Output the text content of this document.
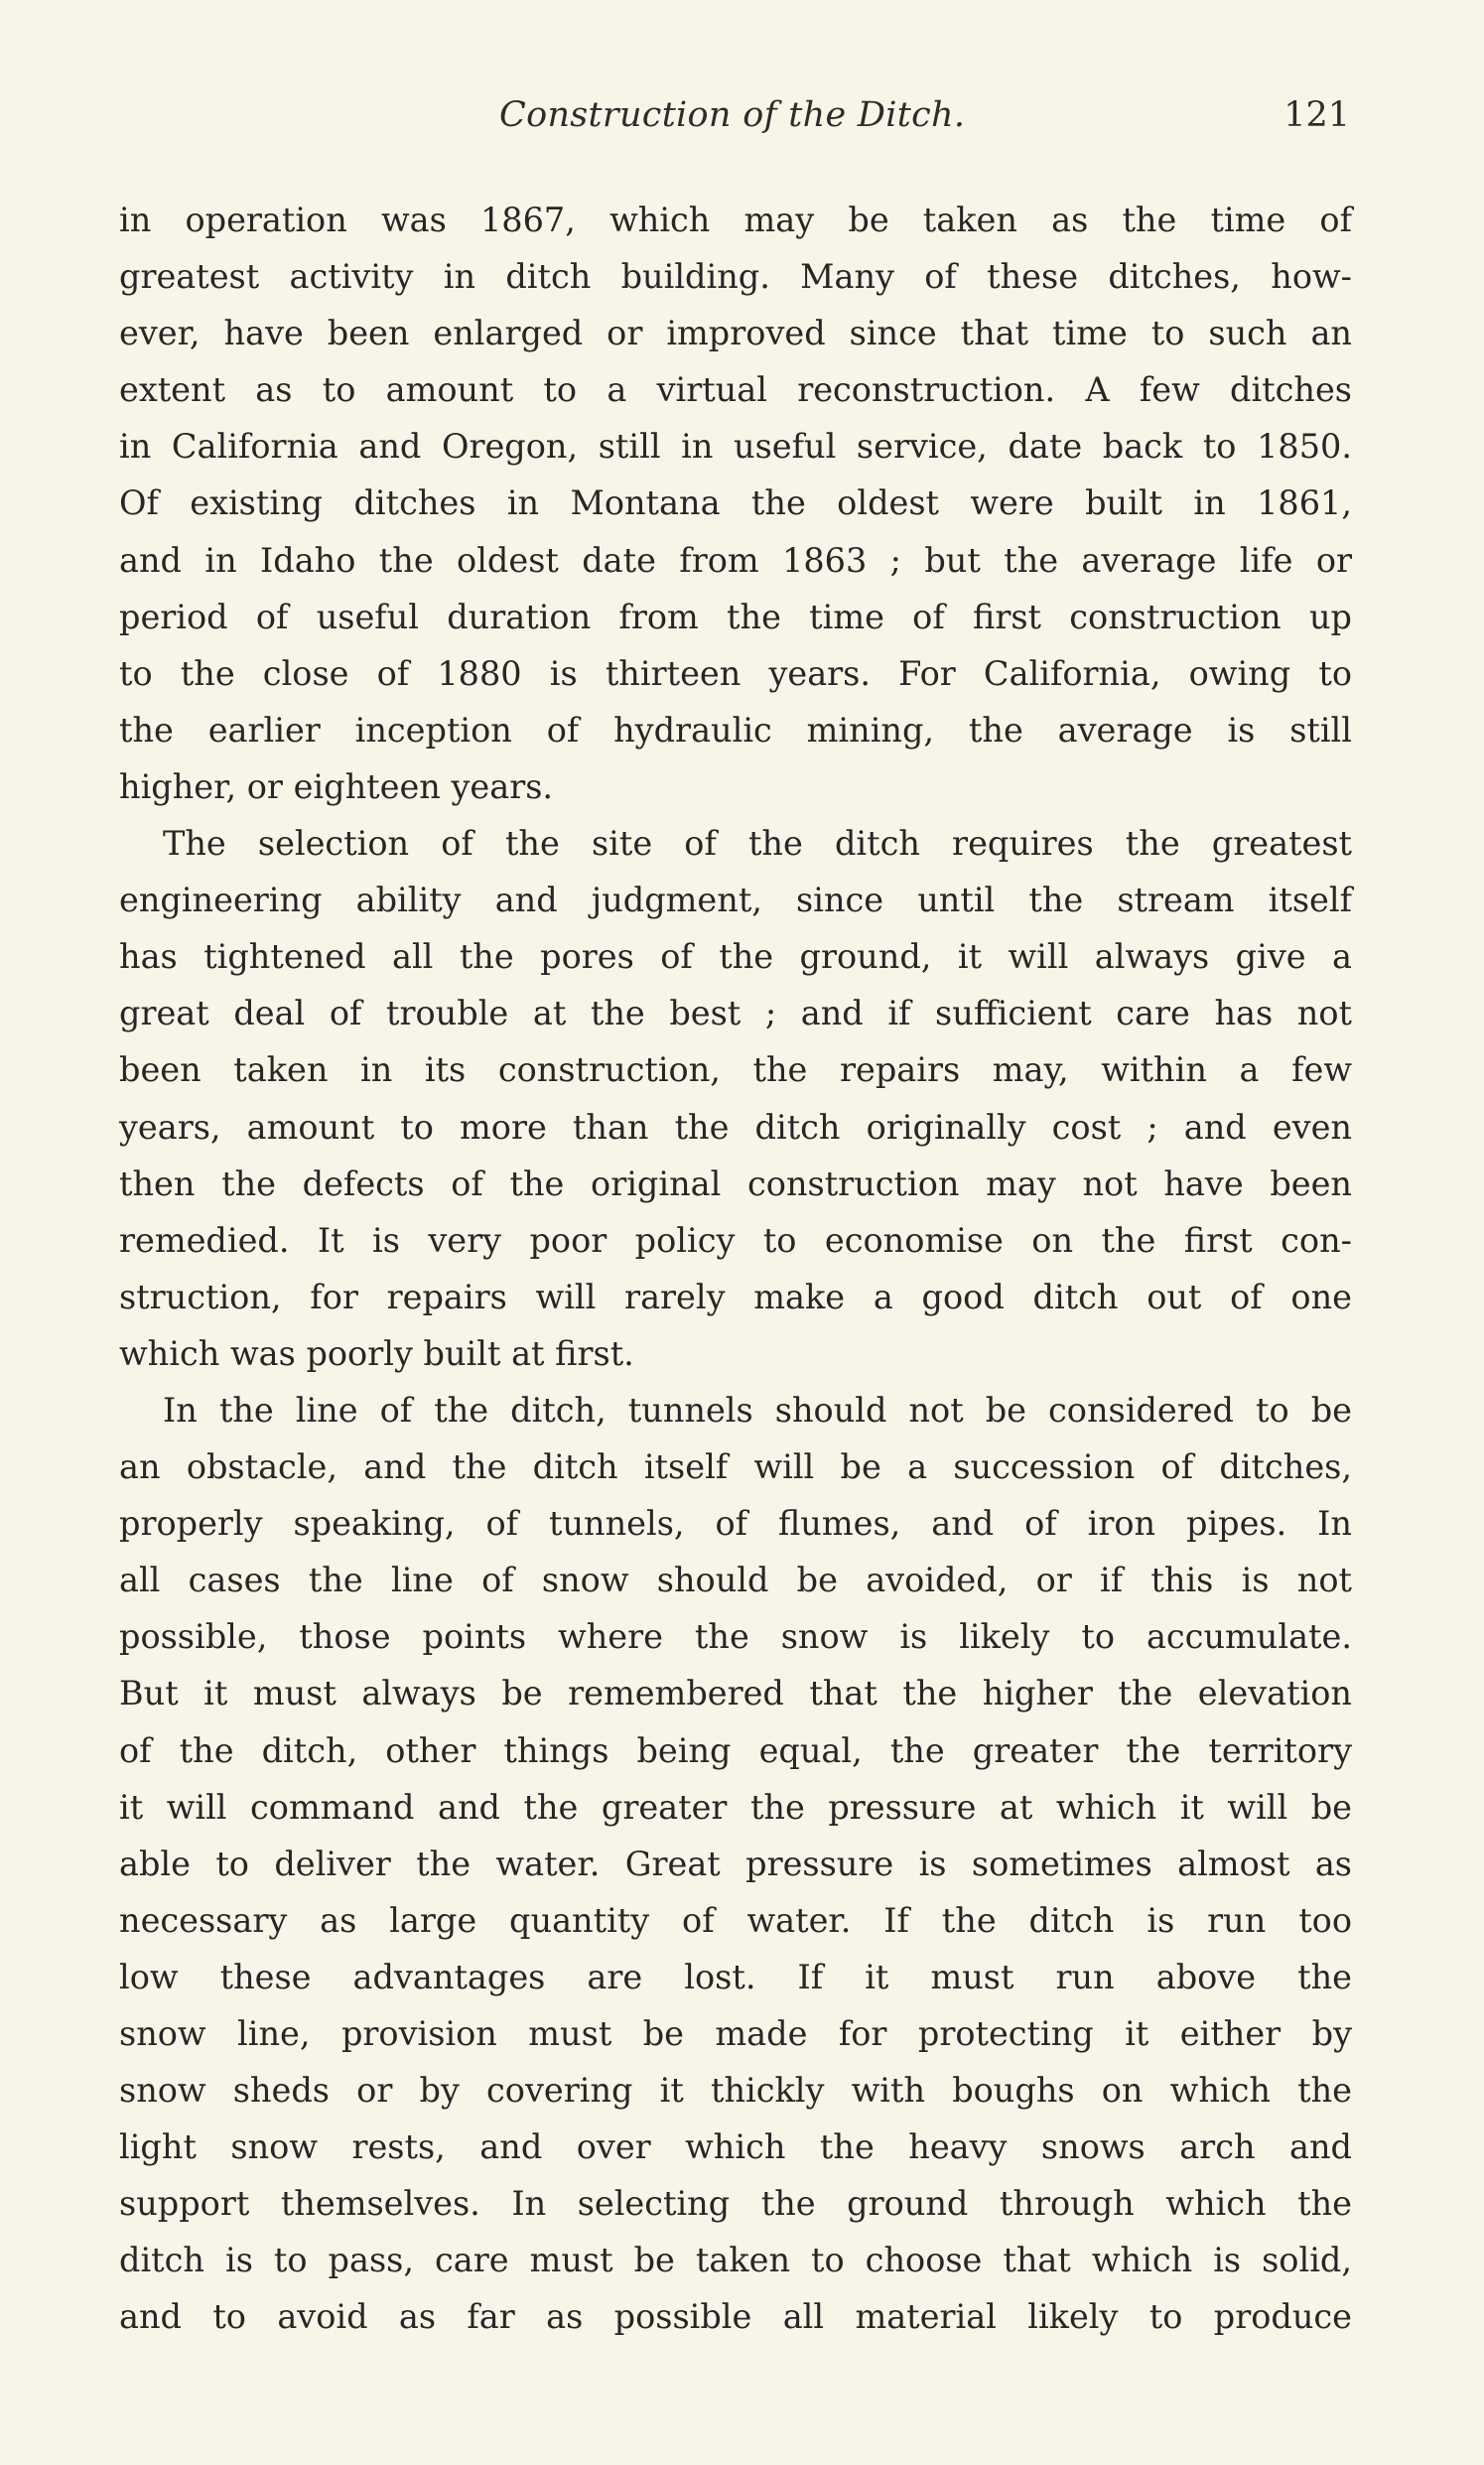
Construction of the Ditch.	121
in operation was 1867, which may be taken as the time of
greatest activity in ditch building. Many of these ditches, how-
ever, have been enlarged or improved since that time to such an
extent as to amount to a virtual reconstruction. A few ditches
in California and Oregon, still in useful service, date back to 1850.
Of existing ditches in Montana the oldest were built in 1861,
and in Idaho the oldest date from 1863 ; but the average life or
period of useful duration from the time of first construction up
to the close of 1880 is thirteen years. For California, owing to
the earlier inception of hydraulic mining, the average is still
higher, or eighteen years.
The selection of the site of the ditch requires the greatest
engineering ability and judgment, since until the stream itself
has tightened all the pores of the ground, it will always give a
great deal of trouble at the best ; and if sufficient care has not
been taken in its construction, the repairs may, within a few
years, amount to more than the ditch originally cost ; and even
then the defects of the original construction may not have been
remedied. It is very poor policy to economise on the first con-
struction, for repairs will rarely make a good ditch out of one
which was poorly built at first.
In the line of the ditch, tunnels should not be considered to be
an obstacle, and the ditch itself will be a succession of ditches,
properly speaking, of tunnels, of flumes, and of iron pipes. In
all cases the line of snow should be avoided, or if this is not
possible, those points where the snow is likely to accumulate.
But it must always be remembered that the higher the elevation
of the ditch, other things being equal, the greater the territory
it will command and the greater the pressure at which it will be
able to deliver the water. Great pressure is sometimes almost as
necessary as large quantity of water. If the ditch is run too
low these advantages are lost. If it must run above the
snow line, provision must be made for protecting it either by
snow sheds or by covering it thickly with boughs on which the
light snow rests, and over which the heavy snows arch and
support themselves. In selecting the ground through which the
ditch is to pass, care must be taken to choose that which is solid,
and to avoid as far as possible all material likely to produce
